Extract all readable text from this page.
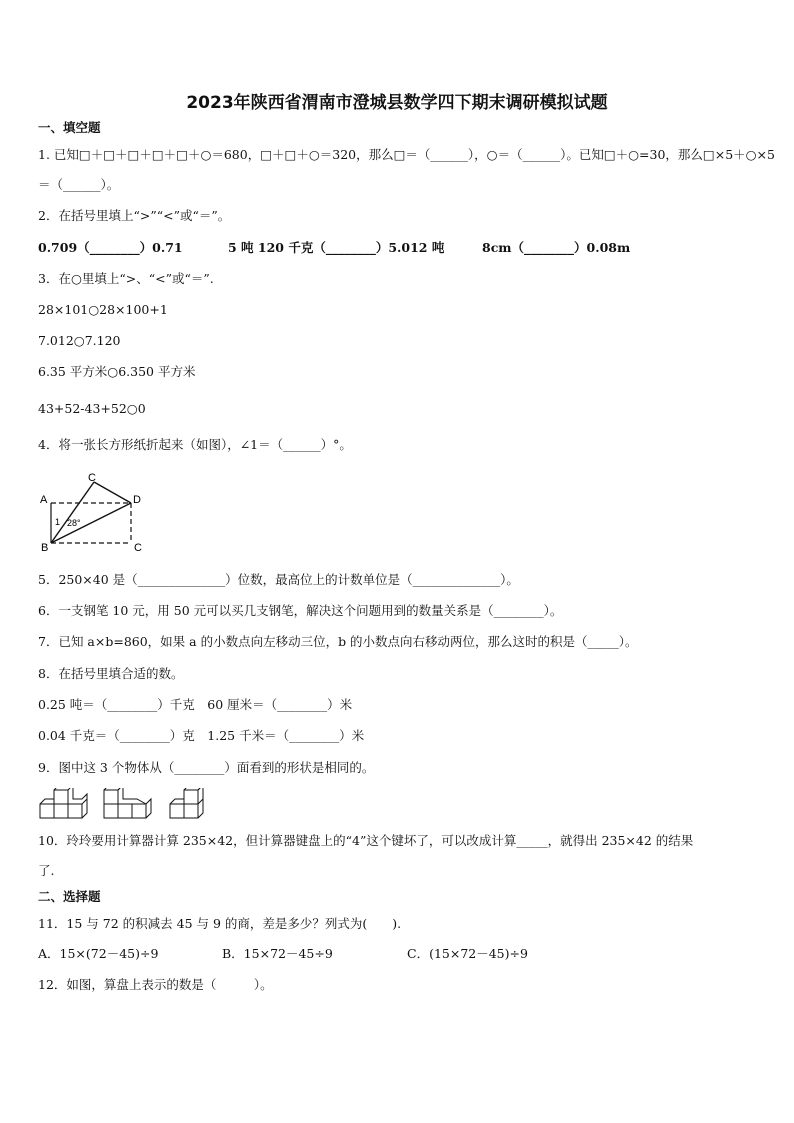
2023年陕西省渭南市澄城县数学四下期末调研模拟试题
一、填空题
1. 已知□＋□＋□＋□＋□＋○＝680，□＋□＋○＝320，那么□＝（______），○＝（______）。已知□＋○=30，那么□×5＋○×5
＝（______）。
2．在括号里填上“>”“<”或“＝”。
0.709（________）0.71	5 吨 120 千克（________）5.012 吨	8cm（________）0.08m
3．在○里填上“>、“<”或“＝”.
28×101○28×100+1
7.012○7.120
6.35 平方米○6.350 平方米
43+52-43+52○0
4．将一张长方形纸折起来（如图），∠1＝（______）°。
A
C
D
B	C
1 28°
5．250×40 是（______________）位数，最高位上的计数单位是（______________）。
6．一支钢笔 10 元，用 50 元可以买几支钢笔，解决这个问题用到的数量关系是（________）。
7．已知 a×b=860，如果 a 的小数点向左移动三位，b 的小数点向右移动两位，那么这时的积是（_____）。
8．在括号里填合适的数。
0.25 吨＝（________）千克　60 厘米＝（________）米
0.04 千克＝（________）克　1.25 千米＝（________）米
9．图中这 3 个物体从（________）面看到的形状是相同的。
10．玲玲要用计算器计算 235×42，但计算器键盘上的“4”这个键坏了，可以改成计算_____，就得出 235×42 的结果
了.
二、选择题
11．15 与 72 的积减去 45 与 9 的商，差是多少？列式为(　　).
A．15×(72－45)÷9	B．15×72－45÷9	C．(15×72－45)÷9
12．如图，算盘上表示的数是（　　　）。
